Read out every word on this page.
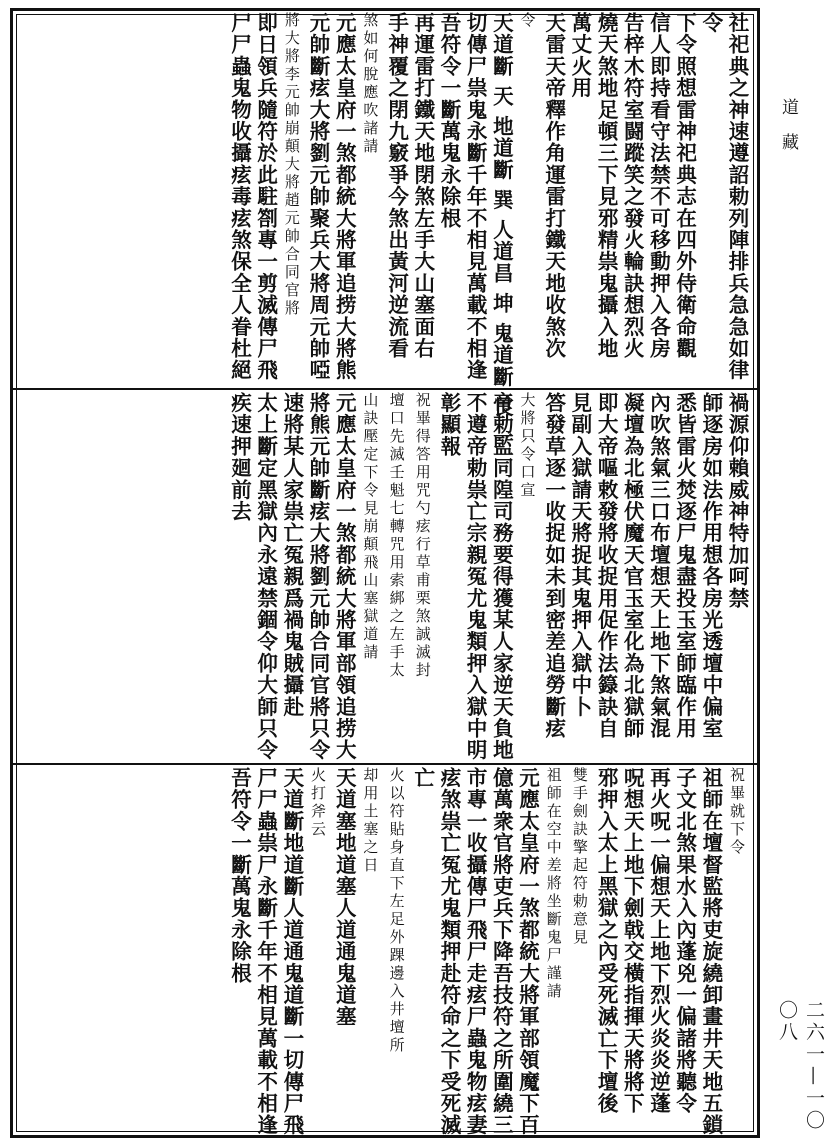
社祀典之神速遵詔勅列陣排兵急急如律
令
下令照想雷神祀典志在四外侍衛命觀
信人即持看守法禁不可移動押入各房
告梓木符室闘蹤笑之發火輪訣想烈火
燒天煞地足頓三下見邪精祟鬼攝入地
萬丈火用
天雷天帝釋作角運雷打鐵天地收煞次
令
天道斷 天 地道斷 巽 人道昌 坤 鬼道斷 艮 一
切傳尸祟鬼永斷千年不相見萬載不相逢
吾符令一斷萬鬼永除根
再運雷打鐵天地閉煞左手大山塞面右
手神覆之閉九竅爭今煞出黃河逆流看
煞如何脫應吹諸請
元應太皇府一煞都統大將軍追捞大將熊
元帥斷痃大將劉元帥聚兵大將周元帥啞
將大將李元帥崩顛大將趙元帥合同官將
即日領兵隨符於此駐劄專一剪滅傳尸飛
尸尸蟲鬼物收攝痃毒痃煞保全人眷杜絕
禍源仰賴威神特加呵禁
師逐房如法作用想各房光透壇中偏室
悉皆雷火焚逐尸鬼盡投玉室師臨作用
內吹煞氣三口布壇想天上地下煞氣混
凝壇為北極伏魔天官玉室化為北獄師
即大帝嘔敕發將收捉用促作法籙訣自
見副入獄請天將捉其鬼押入獄中卜
答發草逐一收捉如未到密差追勞斷痃
大將只令口宣
帝勅監同隍司務要得獲某人家逆天負地
不遵帝勅祟亡宗親冤尤鬼類押入獄中明
彰顯報
祝畢得答用咒勺痃行草甫栗煞誠滅封
壇口先滅壬魁七轉咒用索綁之左手太
山訣壓定下令見崩顛飛山塞獄道請
元應太皇府一煞都統大將軍部領追捞大
將熊元帥斷痃大將劉元帥合同官將只令
速將某人家祟亡冤親爲禍鬼賊攝赴
太上斷定黑獄內永遠禁錮令仰大師只令
疾速押廻前去
祝畢就下令
祖師在壇督監將吏旋繞卸畫井天地五鎖
子文北煞果水入內蓬兇一偏諸將聽令
再火呪一偏想天上地下烈火炎炎逆蓬
呪想天上地下劍戟交橫指揮天將將下
邪押入太上黑獄之內受死滅亡下壇後
雙手劍訣擎起符勅意見
祖師在空中差將坐斷鬼尸謹請
元應太皇府一煞都統大將軍部領魔下百
億萬衆官將吏兵下降吾技符之所圍繞三
市專一收攝傳尸飛尸走痃尸蟲鬼物痃妻
痃煞祟亡冤尤鬼類押赴符命之下受死滅
亡
火以符貼身直下左足外踝邊入井壇所
却用土塞之日
天道塞地道塞人道通鬼道塞
火打斧云
天道斷地道斷人道通鬼道斷一切傳尸飛
尸尸蟲祟尸永斷千年不相見萬載不相逢
吾符令一斷萬鬼永除根
道藏
二六一—一〇〇八
